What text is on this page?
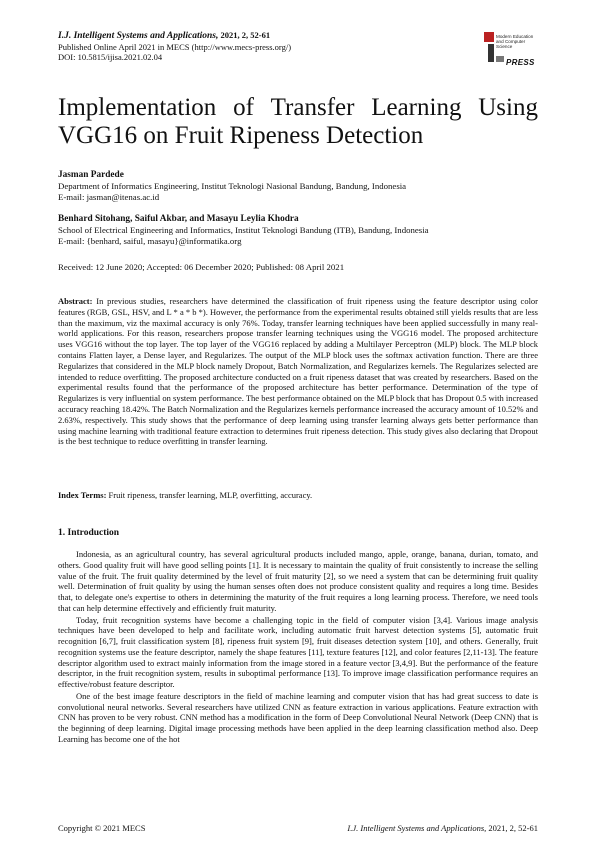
I.J. Intelligent Systems and Applications, 2021, 2, 52-61
Published Online April 2021 in MECS (http://www.mecs-press.org/)
DOI: 10.5815/ijisa.2021.02.04
Modern Education and Computer Science
PRESS
Implementation of Transfer Learning Using
VGG16 on Fruit Ripeness Detection
Jasman Pardede
Department of Informatics Engineering, Institut Teknologi Nasional Bandung, Bandung, Indonesia
E-mail: jasman@itenas.ac.id
Benhard Sitohang, Saiful Akbar, and Masayu Leylia Khodra
School of Electrical Engineering and Informatics, Institut Teknologi Bandung (ITB), Bandung, Indonesia
E-mail: {benhard, saiful, masayu}@informatika.org
Received: 12 June 2020; Accepted: 06 December 2020; Published: 08 April 2021
Abstract: In previous studies, researchers have determined the classification of fruit ripeness using the feature descriptor using color features (RGB, GSL, HSV, and L * a * b *). However, the performance from the experimental results obtained still yields results that are less than the maximum, viz the maximal accuracy is only 76%. Today, transfer learning techniques have been applied successfully in many real-world applications. For this reason, researchers propose transfer learning techniques using the VGG16 model. The proposed architecture uses VGG16 without the top layer. The top layer of the VGG16 replaced by adding a Multilayer Perceptron (MLP) block. The MLP block contains Flatten layer, a Dense layer, and Regularizes. The output of the MLP block uses the softmax activation function. There are three Regularizes that considered in the MLP block namely Dropout, Batch Normalization, and Regularizes kernels. The Regularizes selected are intended to reduce overfitting. The proposed architecture conducted on a fruit ripeness dataset that was created by researchers. Based on the experimental results found that the performance of the proposed architecture has better performance. Determination of the type of Regularizes is very influential on system performance. The best performance obtained on the MLP block that has Dropout 0.5 with increased accuracy reaching 18.42%. The Batch Normalization and the Regularizes kernels performance increased the accuracy amount of 10.52% and 2.63%, respectively. This study shows that the performance of deep learning using transfer learning always gets better performance than using machine learning with traditional feature extraction to determines fruit ripeness detection. This study gives also declaring that Dropout is the best technique to reduce overfitting in transfer learning.
Index Terms: Fruit ripeness, transfer learning, MLP, overfitting, accuracy.
1. Introduction

Indonesia, as an agricultural country, has several agricultural products included mango, apple, orange, banana, durian, tomato, and others. Good quality fruit will have good selling points [1]. It is necessary to maintain the quality of fruit consistently to increase the selling value of the fruit. The fruit quality determined by the level of fruit maturity [2], so we need a system that can be determining fruit quality well. Determination of fruit quality by using the human senses often does not produce consistent quality and requires a long time. Besides that, to delegate one's expertise to others in determining the maturity of the fruit requires a long learning process. Therefore, we need tools that can help determine effectively and efficiently fruit maturity.

Today, fruit recognition systems have become a challenging topic in the field of computer vision [3,4]. Various image analysis techniques have been developed to help and facilitate work, including automatic fruit harvest detection systems [5], automatic fruit recognition [6,7], fruit classification system [8], ripeness fruit system [9], fruit diseases detection system [10], and others. Generally, fruit recognition systems use the feature descriptor, namely the shape features [11], texture features [12], and color features [2,11-13]. The feature descriptor algorithm used to extract mainly information from the image stored in a feature vector [3,4,9]. But the performance of the feature descriptor, in the fruit recognition system, results in suboptimal performance [13]. To improve image classification performance requires an effective/robust feature descriptor.

One of the best image feature descriptors in the field of machine learning and computer vision that has had great success to date is convolutional neural networks. Several researchers have utilized CNN as feature extraction in various applications. Feature extraction with CNN has proven to be very robust. CNN method has a modification in the form of Deep Convolutional Neural Network (Deep CNN) that is the beginning of deep learning. Digital image processing methods have been applied in the deep learning classification method also. Deep Learning has become one of the hot

Copyright © 2021 MECS	I.J. Intelligent Systems and Applications, 2021, 2, 52-61
